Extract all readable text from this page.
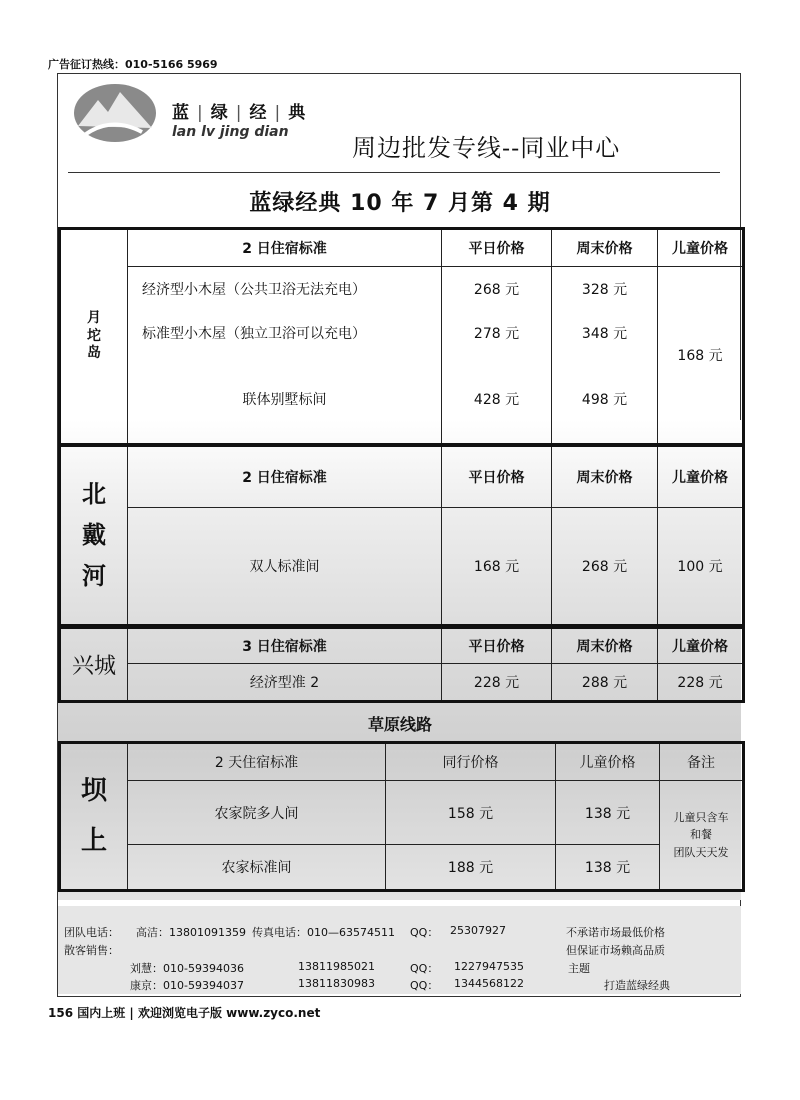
广告征订热线：010-5166 5969
蓝 | 绿 | 经 | 典
lan lv jing dian
周边批发专线--同业中心
蓝绿经典 10 年 7 月第 4 期
月
坨
岛	2 日住宿标准	平日价格	周末价格	儿童价格
	经济型小木屋（公共卫浴无法充电）	268 元	328 元	168 元
	标准型小木屋（独立卫浴可以充电）	278 元	348 元	
	联体别墅标间	428 元	498 元	
北
戴
河	2 日住宿标准	平日价格	周末价格	儿童价格
	双人标准间	168 元	268 元	100 元
兴城	3 日住宿标准	平日价格	周末价格	儿童价格
	经济型准 2	228 元	288 元	228 元
草原线路
坝
上	2 天住宿标准	同行价格	儿童价格	备注
	农家院多人间	158 元	138 元	儿童只含车
和餐
团队天天发

	农家标准间	188 元	138 元	
团队电话： 高洁：13801091359 传真电话：010—63574511 QQ： 25307927
散客销售：
刘慧：010-59394036	13811985021	QQ： 1227947535
康京：010-59394037	13811830983	QQ： 1344568122
不承诺市场最低价格
但保证市场赖高品质
主题
打造蓝绿经典
156 国内上班 | 欢迎浏览电子版 www.zyco.net
